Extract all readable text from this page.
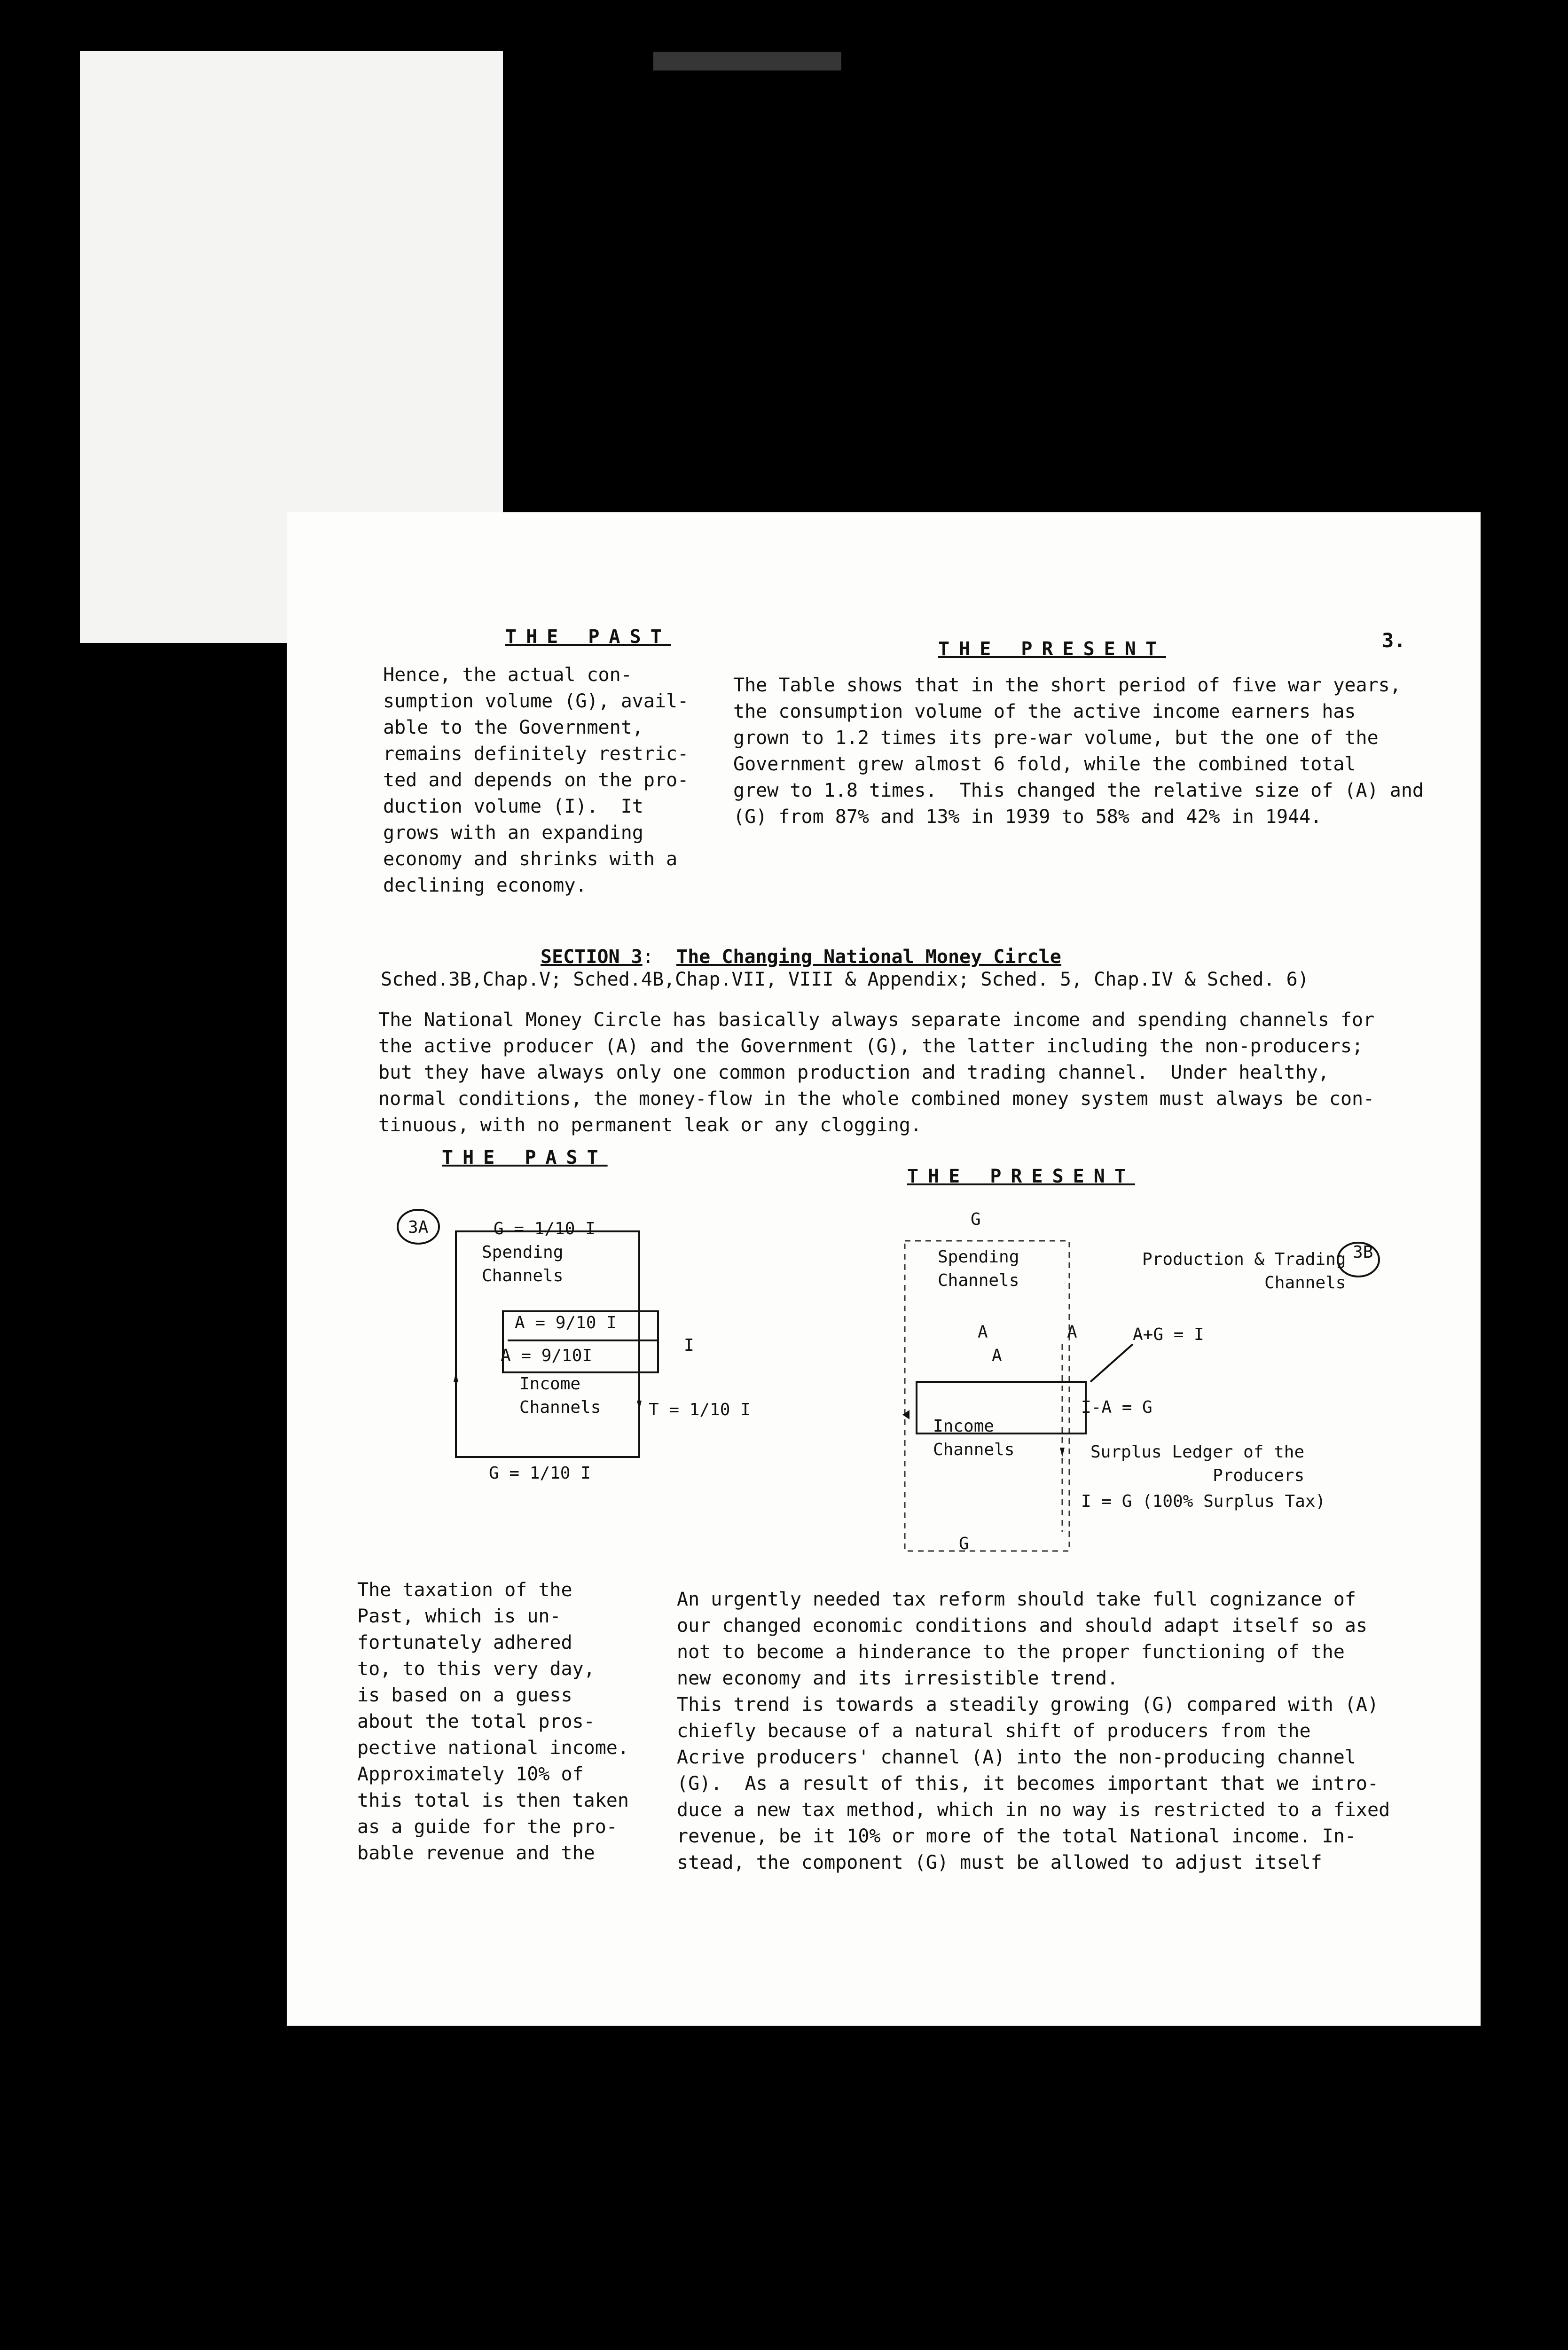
3.
THE PAST
THE PRESENT
Hence, the actual con-
sumption volume (G), avail-
able to the Government,
remains definitely restric-
ted and depends on the pro-
duction volume (I).  It
grows with an expanding
economy and shrinks with a
declining economy.
The Table shows that in the short period of five war years,
the consumption volume of the active income earners has
grown to 1.2 times its pre-war volume, but the one of the
Government grew almost 6 fold, while the combined total
grew to 1.8 times.  This changed the relative size of (A) and
(G) from 87% and 13% in 1939 to 58% and 42% in 1944.
SECTION 3:  The Changing National Money Circle
Sched.3B,Chap.V; Sched.4B,Chap.VII, VIII & Appendix; Sched. 5, Chap.IV & Sched. 6)
The National Money Circle has basically always separate income and spending channels for
the active producer (A) and the Government (G), the latter including the non-producers;
but they have always only one common production and trading channel.  Under healthy,
normal conditions, the money-flow in the whole combined money system must always be con-
tinuous, with no permanent leak or any clogging.
THE PAST
THE PRESENT
3A	G = 1/10 I
Spending
Channels
A = 9/10 I
A = 9/10I
I
Income
Channels	T = 1/10 I
G = 1/10 I
G
3B
Spending
Channels
Production & Trading
Channels
A	A
A
A+G = I
I-A = G
Income
Channels	Surplus Ledger of the
Producers
I = G (100% Surplus Tax)
G
The taxation of the
Past, which is un-
fortunately adhered
to, to this very day,
is based on a guess
about the total pros-
pective national income.
Approximately 10% of
this total is then taken
as a guide for the pro-
bable revenue and the
An urgently needed tax reform should take full cognizance of
our changed economic conditions and should adapt itself so as
not to become a hinderance to the proper functioning of the
new economy and its irresistible trend.
This trend is towards a steadily growing (G) compared with (A)
chiefly because of a natural shift of producers from the
Acrive producers' channel (A) into the non-producing channel
(G).  As a result of this, it becomes important that we intro-
duce a new tax method, which in no way is restricted to a fixed
revenue, be it 10% or more of the total National income. In-
stead, the component (G) must be allowed to adjust itself
